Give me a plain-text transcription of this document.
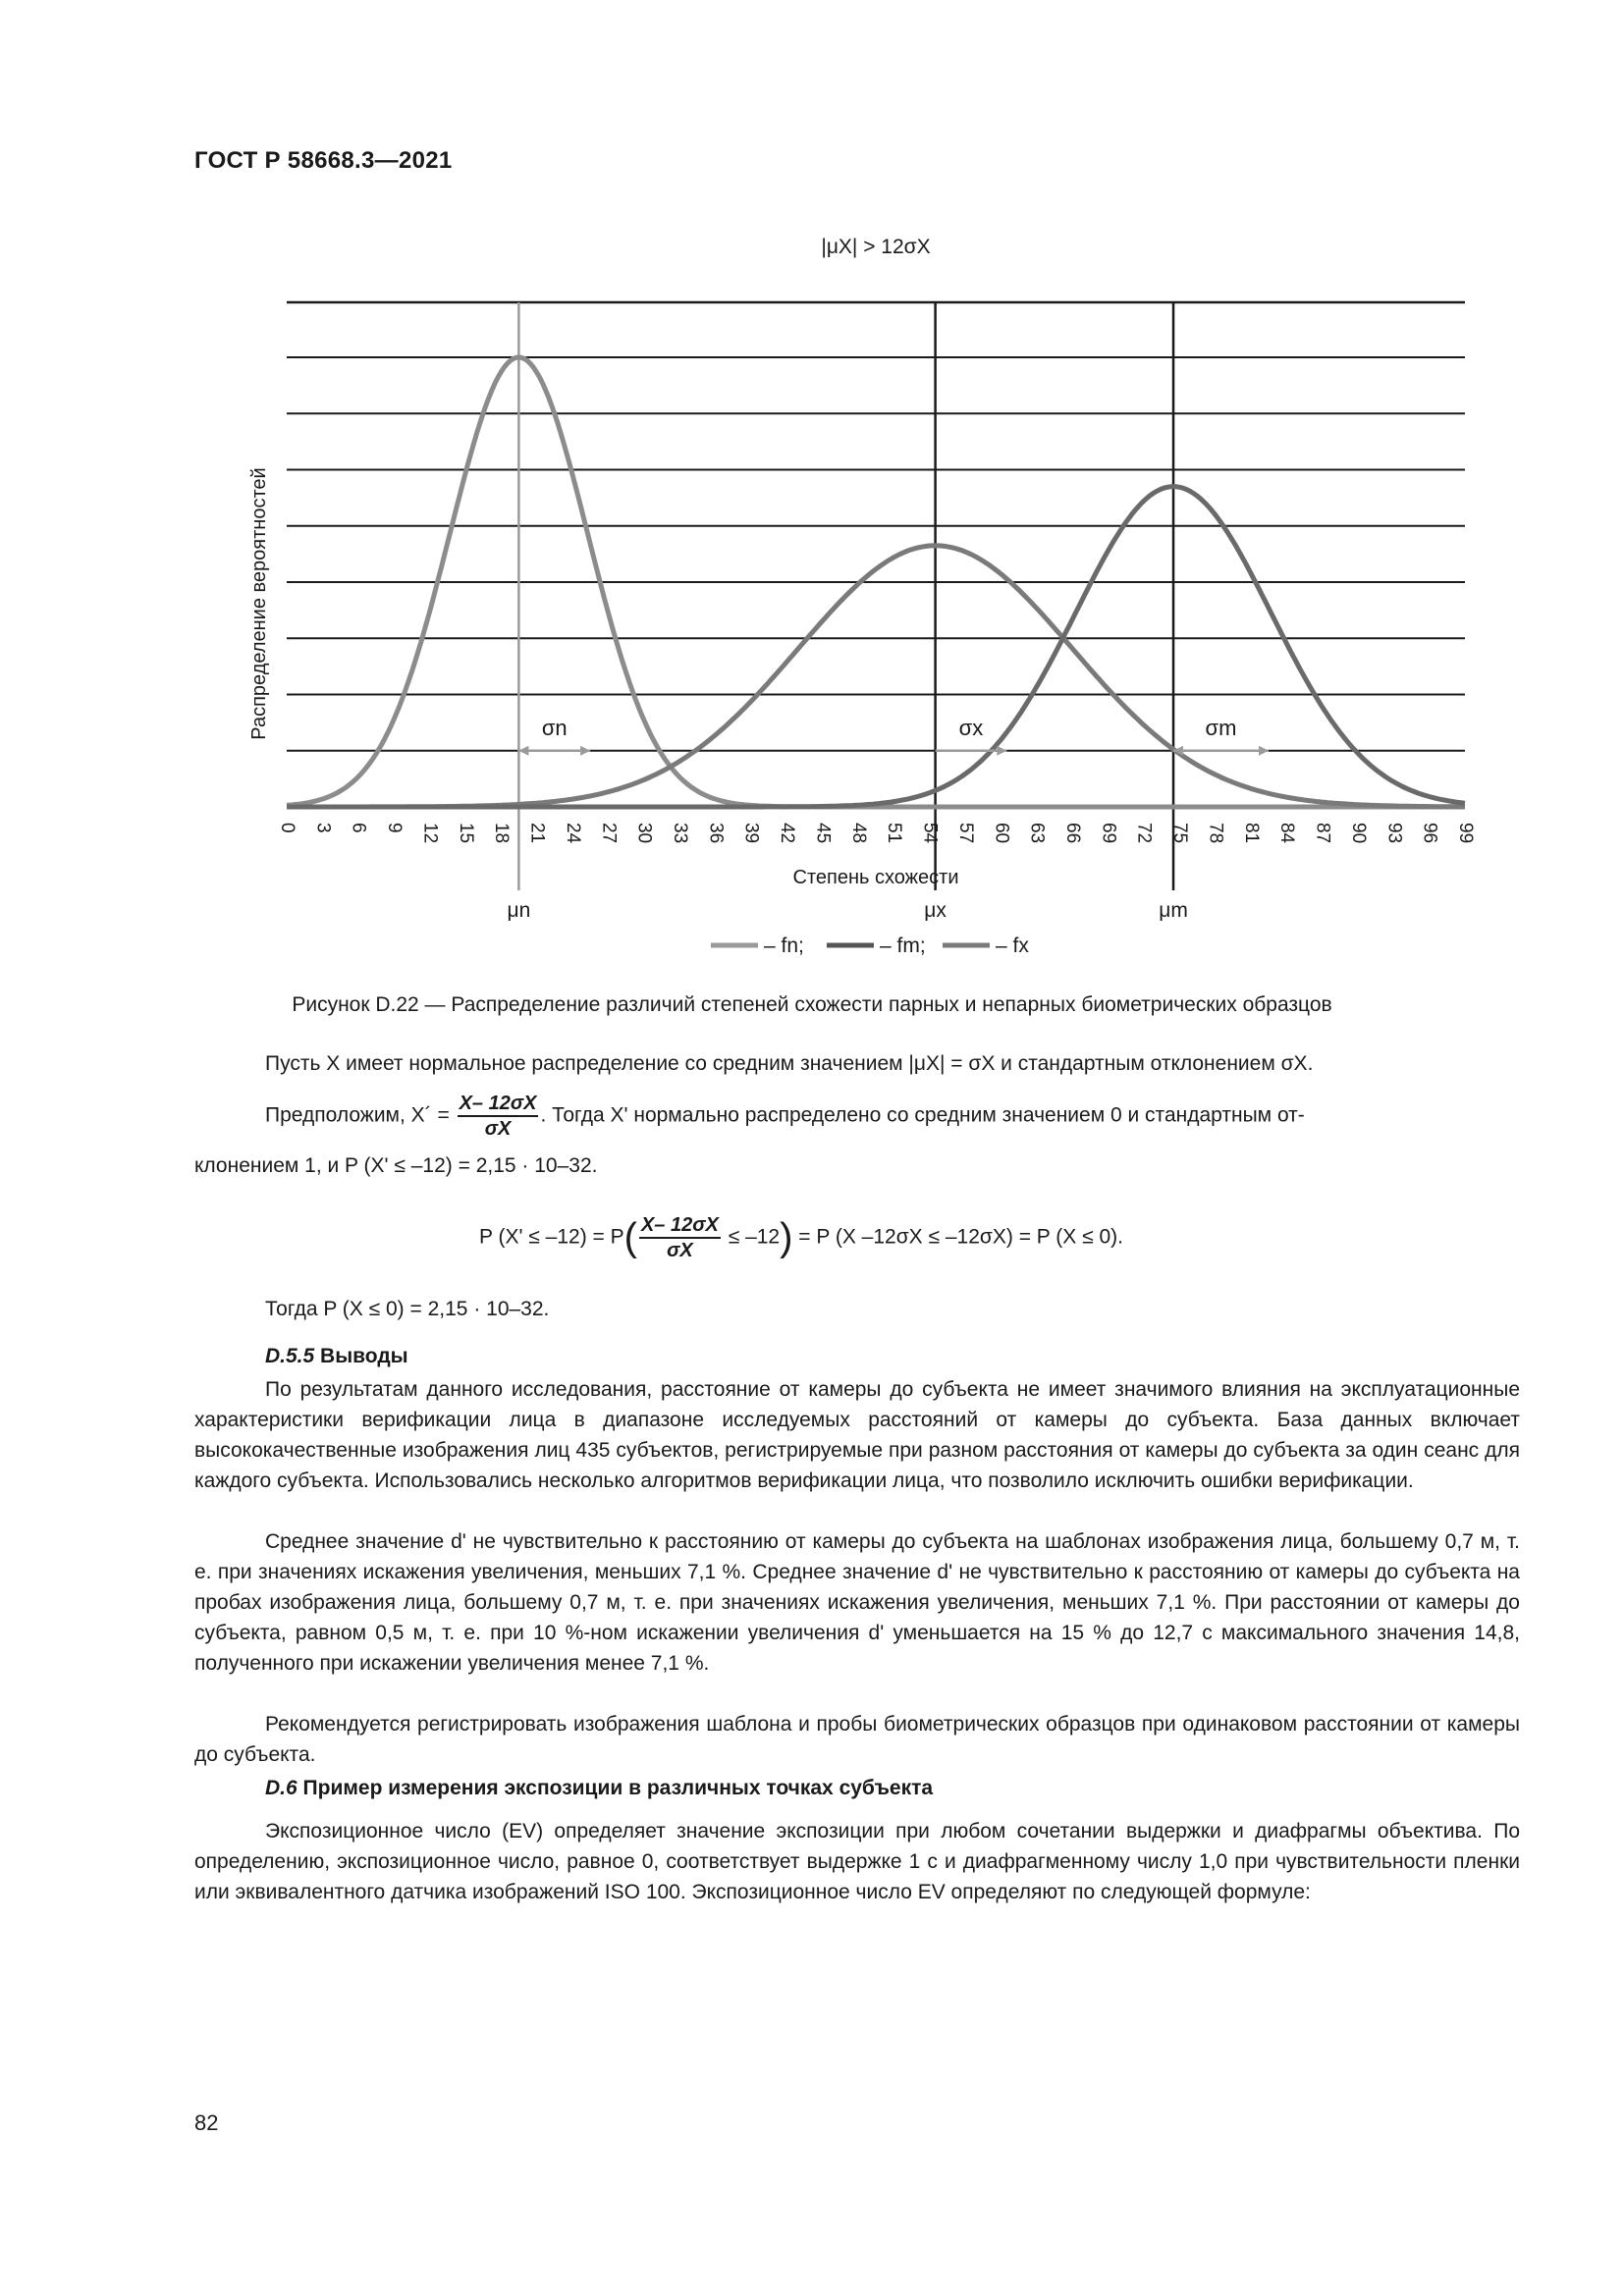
ГОСТ Р 58668.3—2021
|μX| > 12σX
μn	μx	μm
σn	σx	σm
0 3 6 9 12 15 18 21 24 27 30 33 36 39 42 45 48 51 54 57 60 63 66 69 72 75 78 81 84 87 90 93 96 99
Степень схожести
Распределение вероятностей
– fn;	– fm;	– fx
Рисунок D.22 — Распределение различий степеней схожести парных и непарных биометрических образцов
Пусть X имеет нормальное распределение со средним значением |μX| = σX и стандартным отклонением σX.
Предположим, X´ = $\frac{X- 12\sigma X}{\sigma X}$ . Тогда X' нормально распределено со средним значением 0 и стандартным от-
клонением 1, и P (X' ≤ –12) = 2,15 · 10–32.
P $(X' \le -12) = P( \frac{X- 12\sigma X}{\sigma X} \le -12) = P$ (X –12σX ≤ –12σX) = P (X ≤ 0).
Тогда P (X ≤ 0) = 2,15 · 10–32.
D.5.5 Выводы
По результатам данного исследования, расстояние от камеры до субъекта не имеет значимого влияния на эксплуатационные характеристики верификации лица в диапазоне исследуемых расстояний от камеры до субъекта. База данных включает высококачественные изображения лиц 435 субъектов, регистрируемые при разном расстояния от камеры до субъекта за один сеанс для каждого субъекта. Использовались несколько алгоритмов верификации лица, что позволило исключить ошибки верификации.
Среднее значение d' не чувствительно к расстоянию от камеры до субъекта на шаблонах изображения лица, большему 0,7 м, т. е. при значениях искажения увеличения, меньших 7,1 %. Среднее значение d' не чувствительно к расстоянию от камеры до субъекта на пробах изображения лица, большему 0,7 м, т. е. при значениях искажения увеличения, меньших 7,1 %. При расстоянии от камеры до субъекта, равном 0,5 м, т. е. при 10 %-ном искажении увеличения d' уменьшается на 15 % до 12,7 с максимального значения 14,8, полученного при искажении увеличения менее 7,1 %.
Рекомендуется регистрировать изображения шаблона и пробы биометрических образцов при одинаковом расстоянии от камеры до субъекта.
D.6 Пример измерения экспозиции в различных точках субъекта
Экспозиционное число (EV) определяет значение экспозиции при любом сочетании выдержки и диафрагмы объектива. По определению, экспозиционное число, равное 0, соответствует выдержке 1 с и диафрагменному числу 1,0 при чувствительности пленки или эквивалентного датчика изображений ISO 100. Экспозиционное число EV определяют по следующей формуле:
82
